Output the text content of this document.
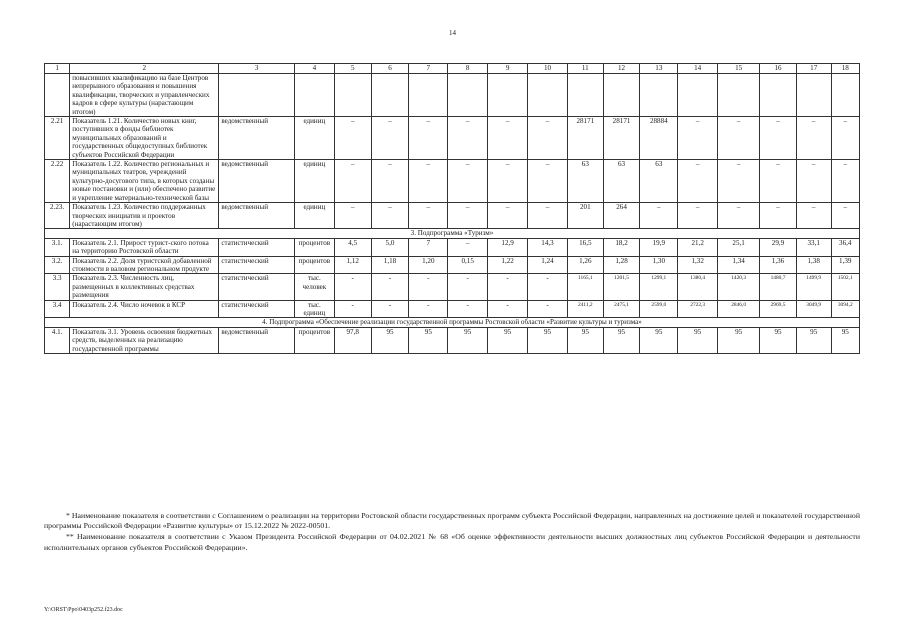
14
1	2	3	4	5	6	7	8	9	10	11	12	13	14	15	16	17	18
	повысивших квалификацию на базе Центров непрерывного образования и повышения квалификации, творческих и управленческих кадров в сфере культуры (нарастающим итогом)																
2.21	Показатель 1.21. Количество новых книг, поступивших в фонды библиотек муниципальных образований и государственных общедоступных библиотек субъектов Российской Федерации	ведомственный	единиц	–	–	–	–	–	–	28171	28171	28884	–	–	–	–	–
2.22	Показатель 1.22. Количество региональных и муниципальных театров, учреждений культурно-досугового типа, в которых созданы новые постановки и (или) обеспечено развитие и укрепление материально-технической базы	ведомственный	единиц	–	–	–	–	–	–	63	63	63	–	–	–	–	–
2.23.	Показатель 1.23. Количество поддержанных творческих инициатив и проектов (нарастающим итогом)	ведомственный	единиц	–	–	–	–	–	–	201	264	–	–	–	–	–	–
3. Подпрограмма «Туризм»																	
3.1.	Показатель 2.1. Прирост турист-ского потока на территорию Ростовской области	статистический	процентов	4,5	5,0	7	–	12,9	14,3	16,5	18,2	19,9	21,2	25,1	29,9	33,1	36,4
3.2.	Показатель 2.2. Доля туристской добавленной стоимости в валовом региональном продукте	статистический	процентов	1,12	1,18	1,20	0,15	1,22	1,24	1,26	1,28	1,30	1,32	1,34	1,36	1,38	1,39
3.3	Показатель 2.3. Численность лиц, размещенных в коллективных средствах размещения	статистический	тыс. человек	-	-	-	-	-	-	1165,1	1201,5	1299,1	1380,4	1420,3	1480,7	1499,9	1502,1
3.4	Показатель 2.4. Число ночевок в КСР	статистический	тыс. единиц	-	-	-	-	-	-	2411,2	2475,1	2599,0	2722,3	2846,0	2969,5	3049,9	3094,2
4. Подпрограмма «Обеспечение реализации государственной программы Ростовской области «Развитие культуры и туризма»																	
4.1.	Показатель 3.1. Уровень освоения бюджетных средств, выделенных на реализацию государственной программы	ведомственный	процентов	97,8	95	95	95	95	95	95	95	95	95	95	95	95	95

* Наименование показателя в соответствии с Соглашением о реализации на территории Ростовской области государственных программ субъекта Российской Федерации, направленных на достижение целей и показателей государственной программы Российской Федерации «Развитие культуры» от 15.12.2022 № 2022-00501.

** Наименование показателя в соответствии с Указом Президента Российской Федерации от 04.02.2021 № 68 «Об оценке эффективности деятельности высших должностных лиц субъектов Российской Федерации и деятельности исполнительных органов субъектов Российской Федерации».

Y:\ORST\Ppo\0403p252.f23.doc
